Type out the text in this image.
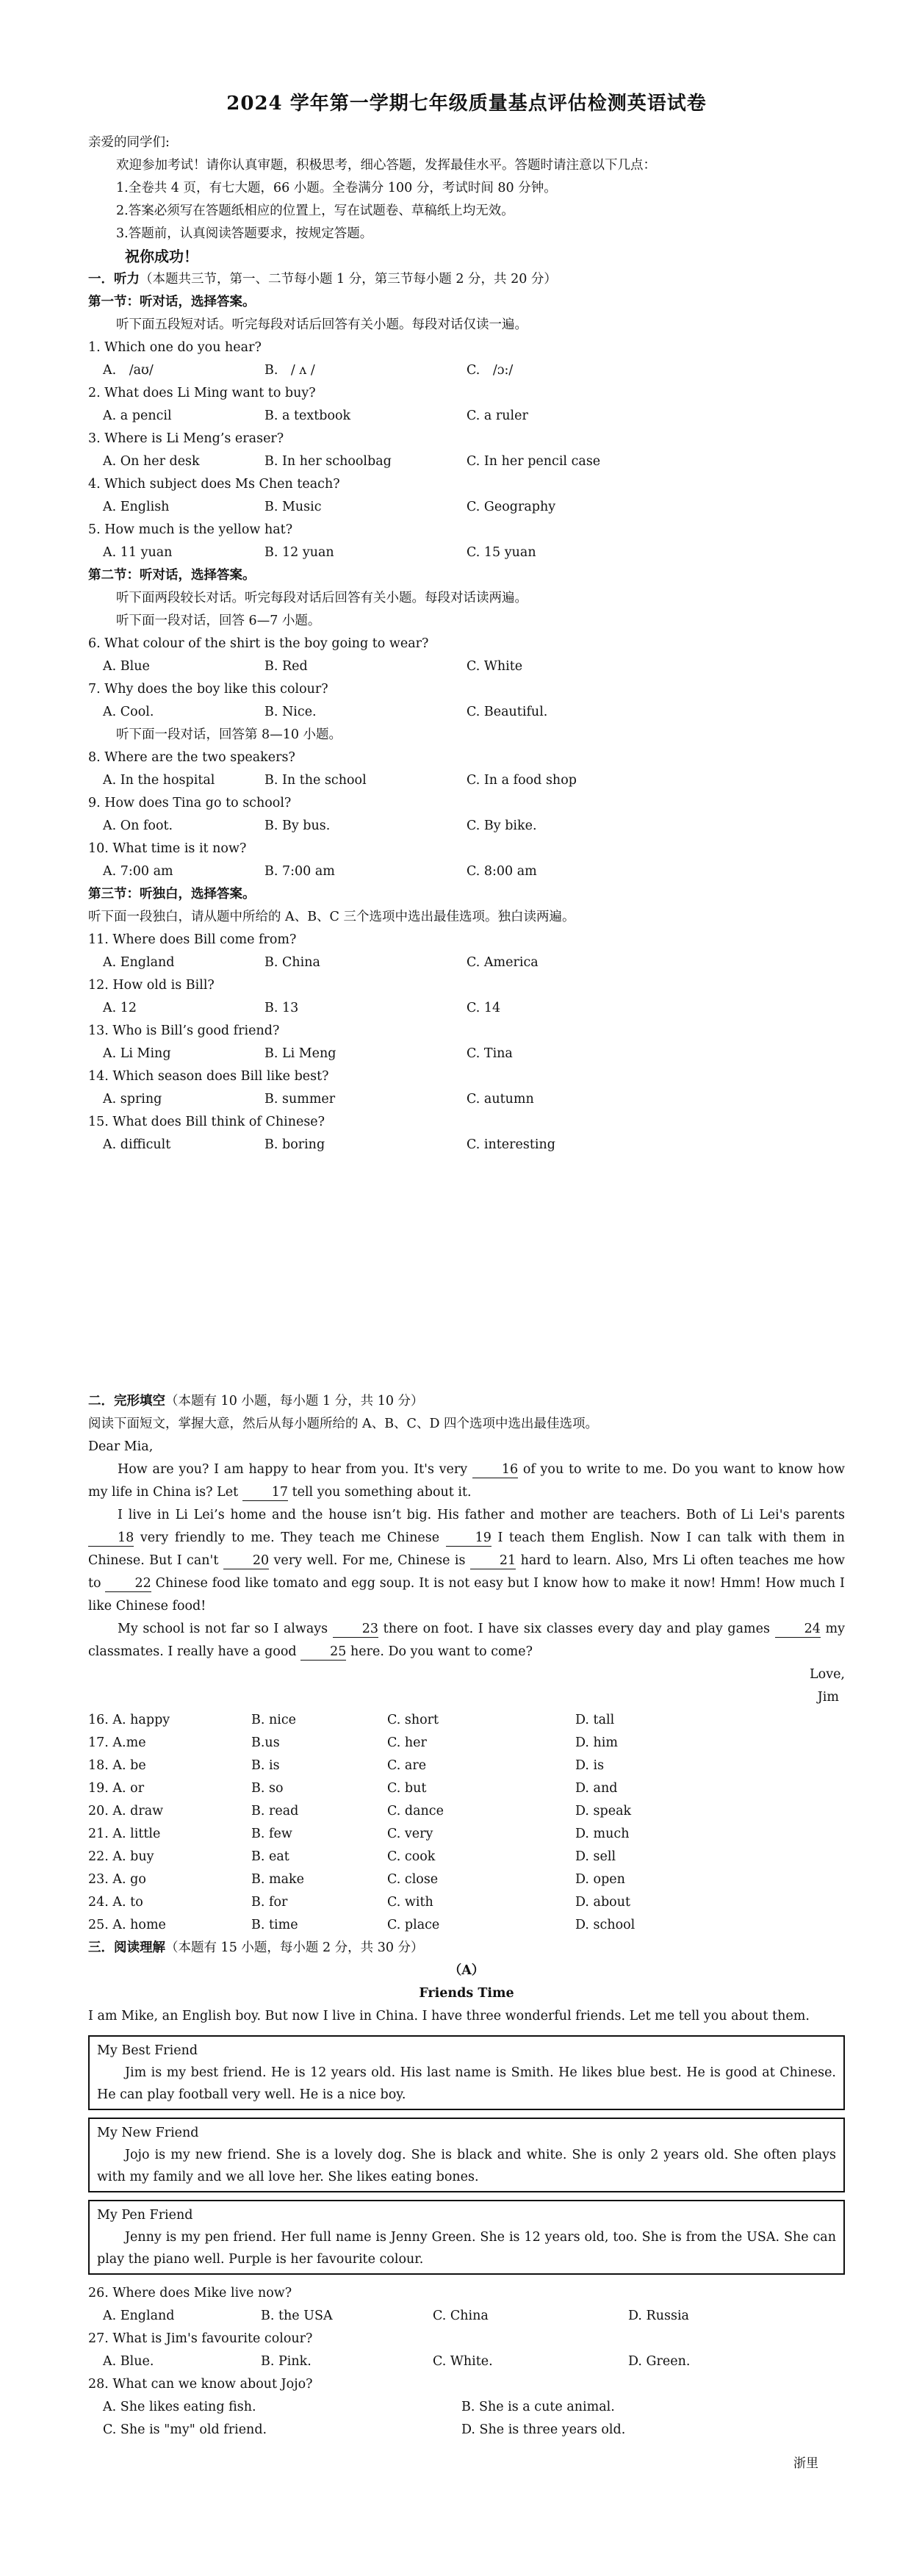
2024 学年第一学期七年级质量基点评估检测英语试卷
亲爱的同学们:
欢迎参加考试！请你认真审题，积极思考，细心答题，发挥最佳水平。答题时请注意以下几点：
1.全卷共 4 页，有七大题，66 小题。全卷满分 100 分，考试时间 80 分钟。
2.答案必须写在答题纸相应的位置上，写在试题卷、草稿纸上均无效。
3.答题前，认真阅读答题要求，按规定答题。
祝你成功！
一．听力（本题共三节，第一、二节每小题 1 分，第三节每小题 2 分，共 20 分）
第一节：听对话，选择答案。
听下面五段短对话。听完每段对话后回答有关小题。每段对话仅读一遍。
1. Which one do you hear?
A.　/aʊ/	B.　/ ʌ /	C.　/ɔ:/
2. What does Li Ming want to buy?
A. a pencil	B. a textbook	C. a ruler
3. Where is Li Meng’s eraser?
A. On her desk	B. In her schoolbag	C. In her pencil case
4. Which subject does Ms Chen teach?
A. English	B. Music	C. Geography
5. How much is the yellow hat?
A. 11 yuan	B. 12 yuan	C. 15 yuan
第二节：听对话，选择答案。
听下面两段较长对话。听完每段对话后回答有关小题。每段对话读两遍。
听下面一段对话，回答 6—7 小题。
6. What colour of the shirt is the boy going to wear?
A. Blue	B. Red	C. White
7. Why does the boy like this colour?
A. Cool.	B. Nice.	C. Beautiful.
听下面一段对话，回答第 8—10 小题。
8. Where are the two speakers?
A. In the hospital	B. In the school	C. In a food shop
9. How does Tina go to school?
A. On foot.	B. By bus.	C. By bike.
10. What time is it now?
A. 7:00 am	B. 7:00 am	C. 8:00 am
第三节：听独白，选择答案。
听下面一段独白，请从题中所给的 A、B、C 三个选项中选出最佳选项。独白读两遍。
11. Where does Bill come from?
A. England	B. China	C. America
12. How old is Bill?
A. 12	B. 13	C. 14
13. Who is Bill’s good friend?
A. Li Ming	B. Li Meng	C. Tina
14. Which season does Bill like best?
A. spring	B. summer	C. autumn
15. What does Bill think of Chinese?
A. difficult	B. boring	C. interesting
二．完形填空（本题有 10 小题，每小题 1 分，共 10 分）
阅读下面短文，掌握大意，然后从每小题所给的 A、B、C、D 四个选项中选出最佳选项。
Dear Mia,
How are you? I am happy to hear from you. It's very	16 of you to write to me. Do you want to know how my life in China is? Let	17 tell you something about it.
I live in Li Lei’s home and the house isn’t big. His father and mother are teachers. Both of Li Lei's parents 18 very friendly to me. They teach me Chinese	19 I teach them English. Now I can talk with them in Chinese. But I can't	20 very well. For me, Chinese is	21 hard to learn. Also, Mrs Li often teaches me how to	22 Chinese food like tomato and egg soup. It is not easy but I know how to make it now! Hmm! How much I like Chinese food!
My school is not far so I always	23 there on foot. I have six classes every day and play games	24 my classmates. I really have a good	25 here. Do you want to come?
Love,
Jim
16. A. happy	B. nice	C. short	D. tall
17. A.me	B.us	C. her	D. him
18. A. be	B. is	C. are	D. is
19. A. or	B. so	C. but	D. and
20. A. draw	B. read	C. dance	D. speak
21. A. little	B. few	C. very	D. much
22. A. buy	B. eat	C. cook	D. sell
23. A. go	B. make	C. close	D. open
24. A. to	B. for	C. with	D. about
25. A. home	B. time	C. place	D. school
三．阅读理解（本题有 15 小题，每小题 2 分，共 30 分）
（A）
Friends Time
I am Mike, an English boy. But now I live in China. I have three wonderful friends. Let me tell you about them.
My Best Friend
Jim is my best friend. He is 12 years old. His last name is Smith. He likes blue best. He is good at Chinese. He can play football very well. He is a nice boy.
My New Friend
Jojo is my new friend. She is a lovely dog. She is black and white. She is only 2 years old. She often plays with my family and we all love her. She likes eating bones.
My Pen Friend
Jenny is my pen friend. Her full name is Jenny Green. She is 12 years old, too. She is from the USA. She can play the piano well. Purple is her favourite colour.
26. Where does Mike live now?
A. England	B. the USA	C. China	D. Russia
27. What is Jim's favourite colour?
A. Blue.	B. Pink.	C. White.	D. Green.
28. What can we know about Jojo?
A. She likes eating fish.	B. She is a cute animal.
C. She is "my" old friend.	D. She is three years old.
浙里
